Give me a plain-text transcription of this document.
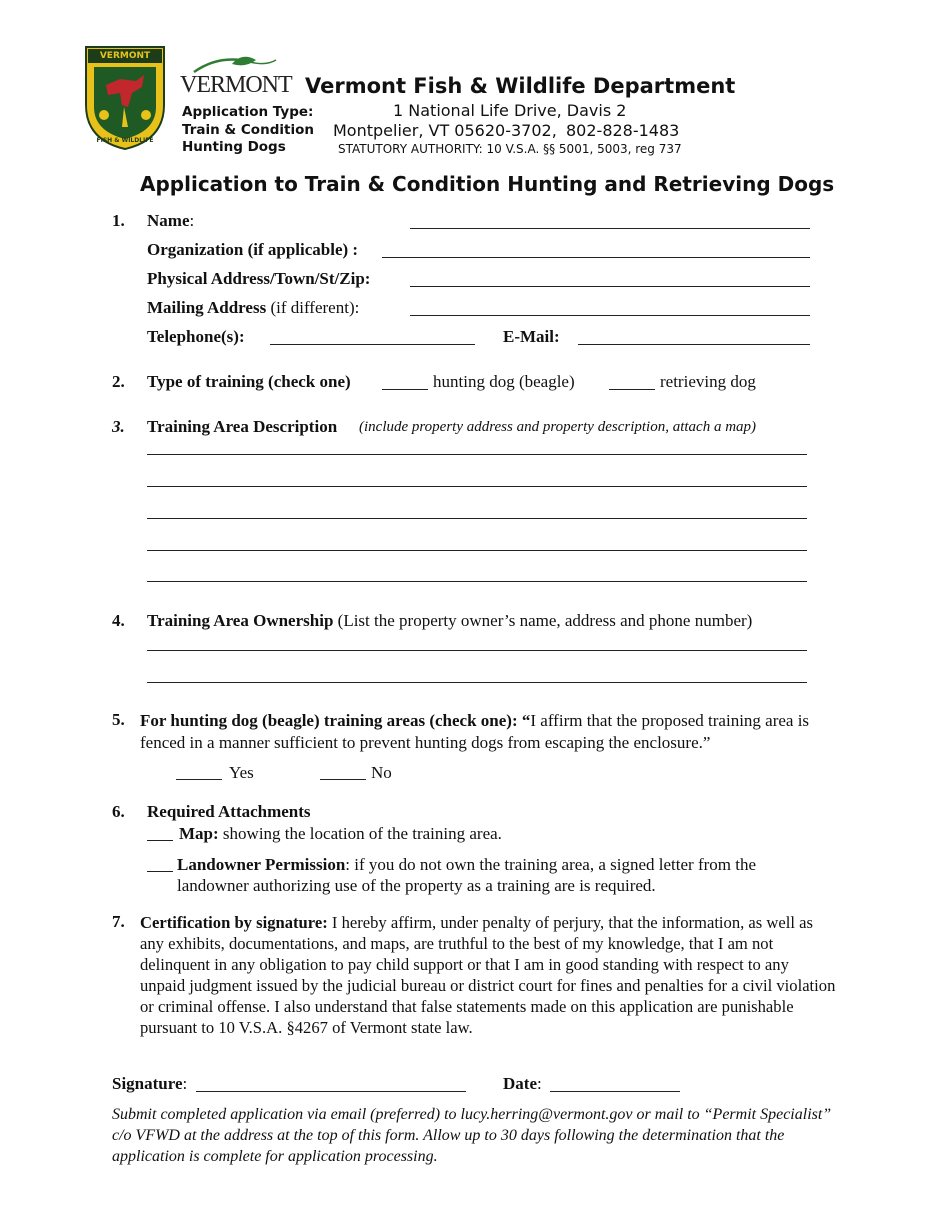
VERMONT
FISH & WILDLIFE
VERMONT
Application Type:
Train & Condition
Hunting Dogs
Vermont Fish & Wildlife Department
1 National Life Drive, Davis 2
Montpelier, VT 05620-3702, 802-828-1483
STATUTORY AUTHORITY: 10 V.S.A. §§ 5001, 5003, reg 737
Application to Train & Condition Hunting and Retrieving Dogs
1. Name:
Organization (if applicable) :
Physical Address/Town/St/Zip:
Mailing Address (if different):
Telephone(s):	E-Mail:
2. Type of training (check one)	hunting dog (beagle)	retrieving dog
3. Training Area Description (include property address and property description, attach a map)
4. Training Area Ownership (List the property owner’s name, address and phone number)
5. For hunting dog (beagle) training areas (check one): “I affirm that the proposed training area is fenced in a manner sufficient to prevent hunting dogs from escaping the enclosure.”

Yes	No
6. Required Attachments
Map: showing the location of the training area.

Landowner Permission: if you do not own the training area, a signed letter from the landowner authorizing use of the property as a training are is required.

7. Certification by signature: I hereby affirm, under penalty of perjury, that the information, as well as any exhibits, documentations, and maps, are truthful to the best of my knowledge, that I am not delinquent in any obligation to pay child support or that I am in good standing with respect to any unpaid judgment issued by the judicial bureau or district court for fines and penalties for a civil violation or criminal offense. I also understand that false statements made on this application are punishable pursuant to 10 V.S.A. §4267 of Vermont state law.

Signature:	Date:

Submit completed application via email (preferred) to lucy.herring@vermont.gov or mail to “Permit Specialist” c/o VFWD at the address at the top of this form. Allow up to 30 days following the determination that the application is complete for application processing.
